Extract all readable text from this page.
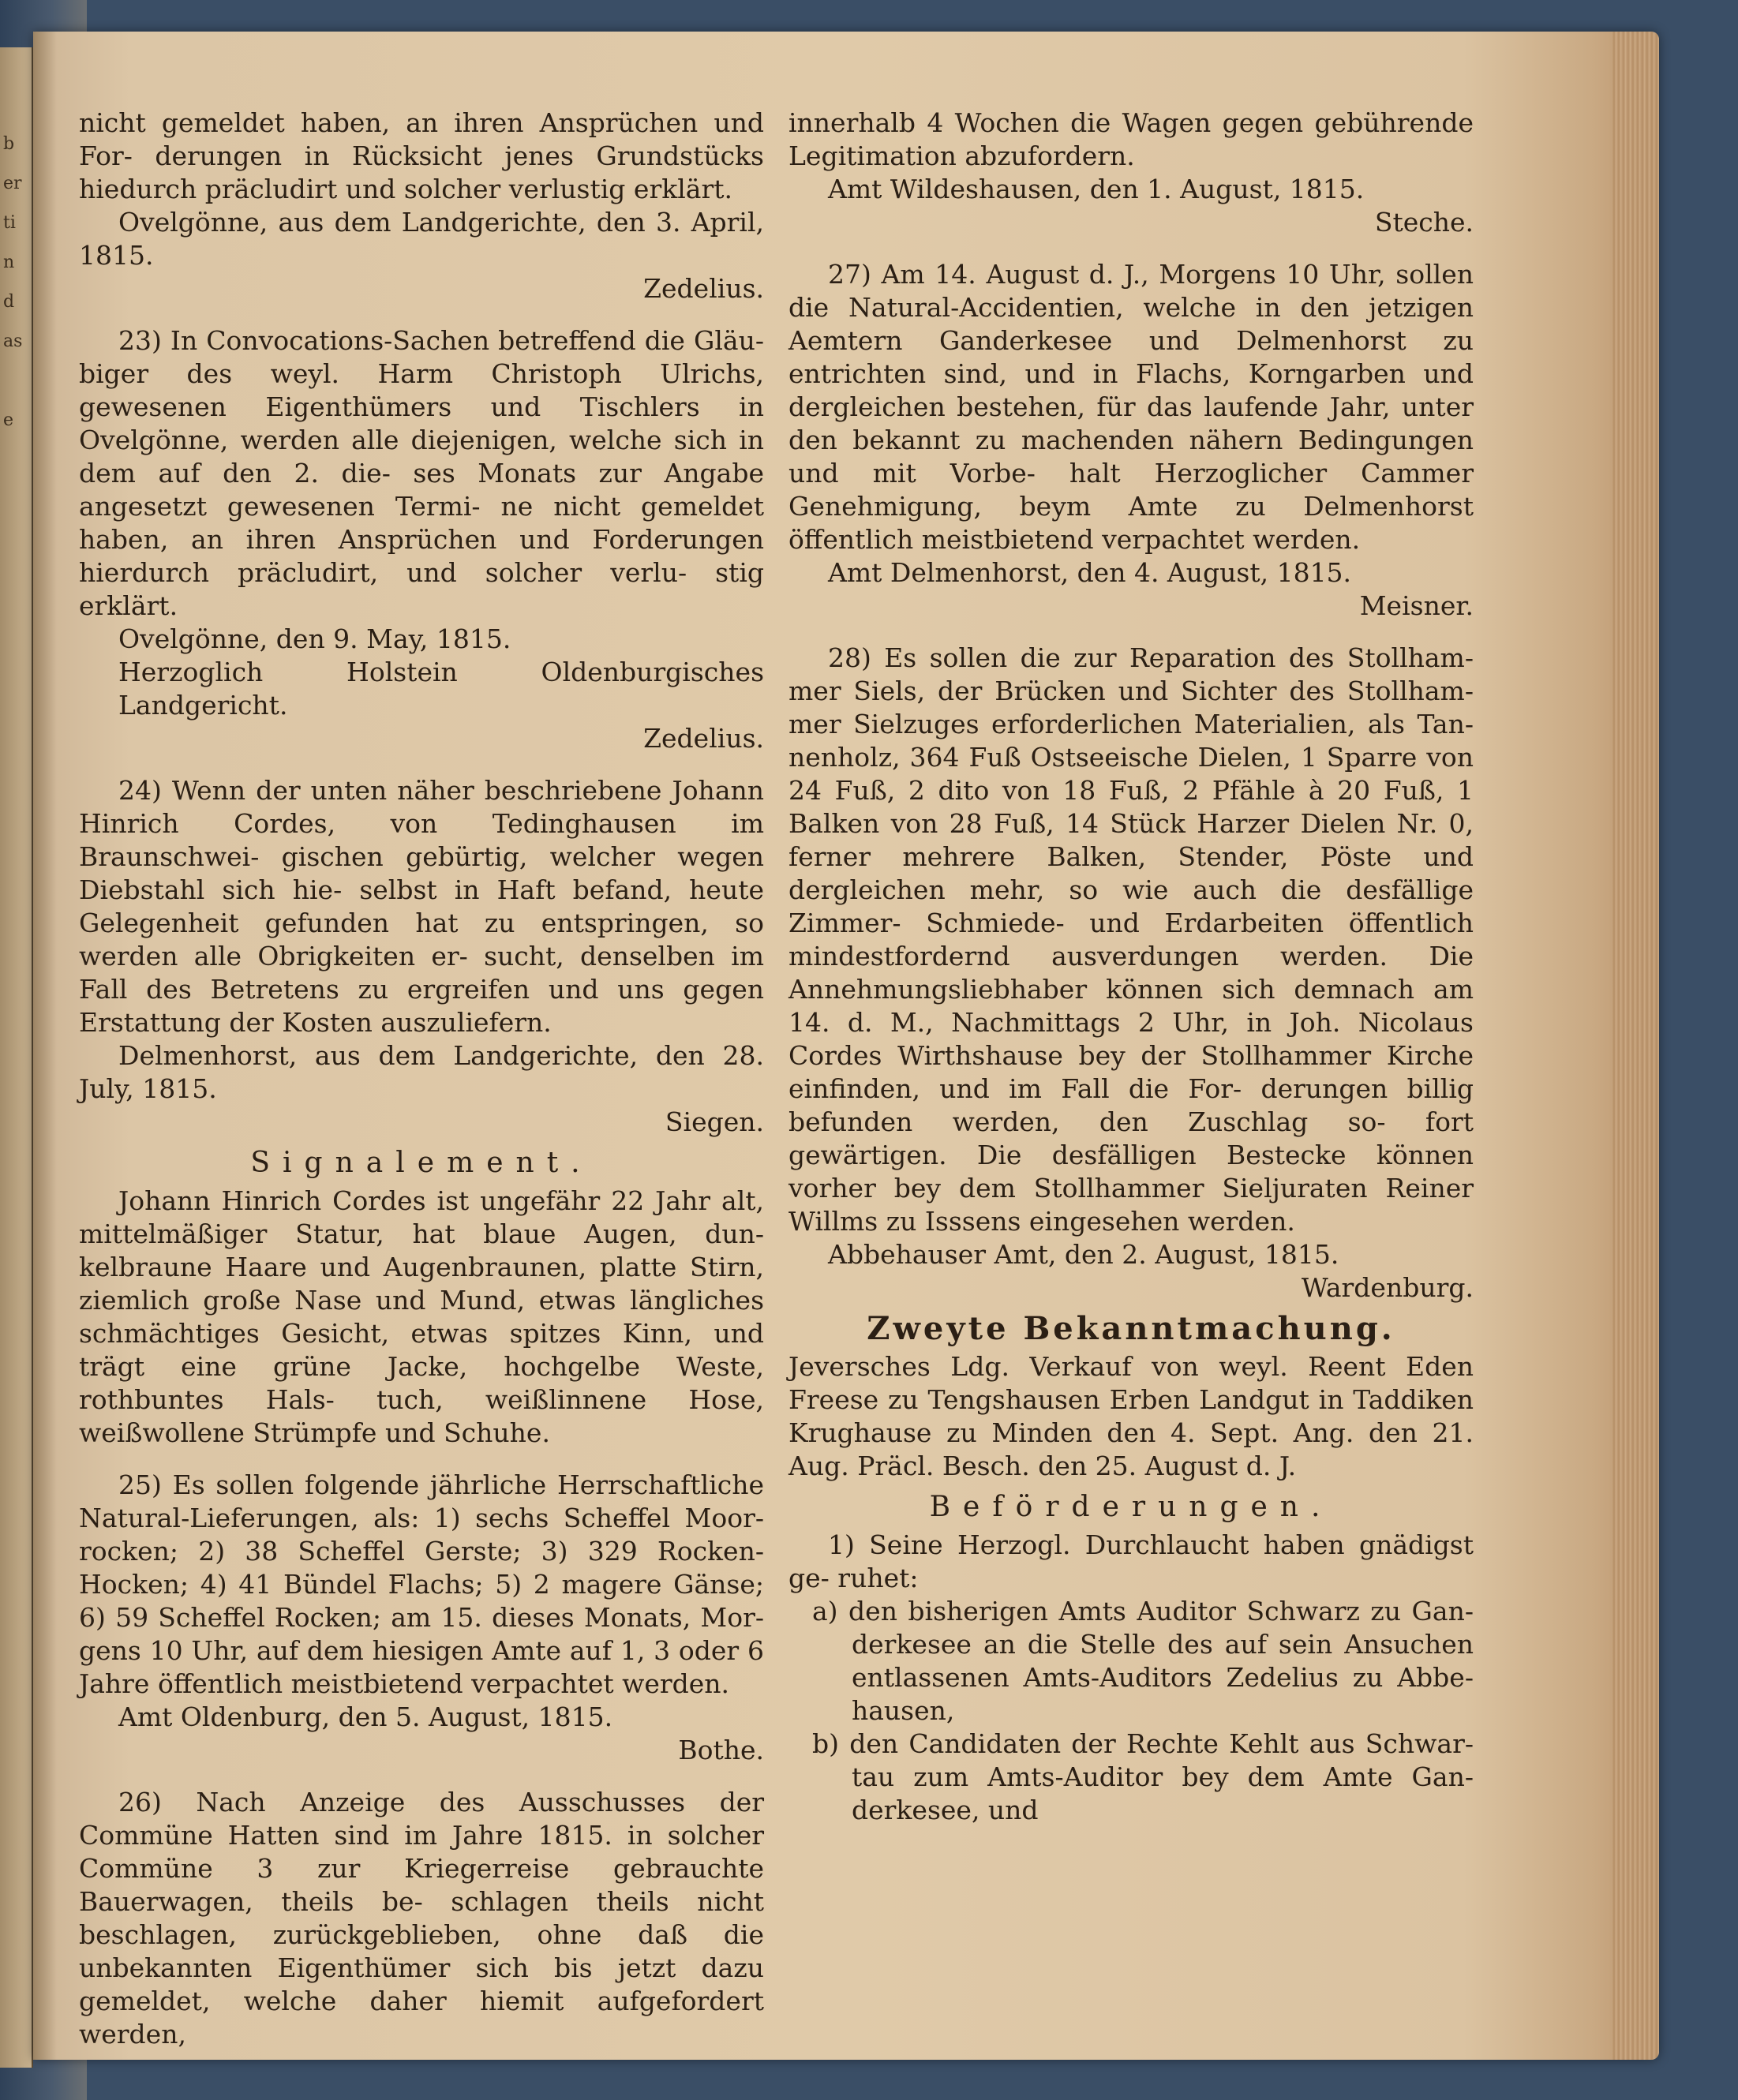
b
er
ti
n
d
as
e

nicht gemeldet haben, an ihren Ansprüchen und For- derungen in Rücksicht jenes Grundstücks hiedurch präcludirt und solcher verlustig erklärt.

Ovelgönne, aus dem Landgerichte, den 3. April, 1815.

Zedelius.

23) In Convocations-Sachen betreffend die Gläu- biger des weyl. Harm Christoph Ulrichs, gewesenen Eigenthümers und Tischlers in Ovelgönne, werden alle diejenigen, welche sich in dem auf den 2. die- ses Monats zur Angabe angesetzt gewesenen Termi- ne nicht gemeldet haben, an ihren Ansprüchen und Forderungen hierdurch präcludirt, und solcher verlu- stig erklärt.

Ovelgönne, den 9. May, 1815.

Herzoglich Holstein Oldenburgisches Landgericht.

Zedelius.

24) Wenn der unten näher beschriebene Johann Hinrich Cordes, von Tedinghausen im Braunschwei- gischen gebürtig, welcher wegen Diebstahl sich hie- selbst in Haft befand, heute Gelegenheit gefunden hat zu entspringen, so werden alle Obrigkeiten er- sucht, denselben im Fall des Betretens zu ergreifen und uns gegen Erstattung der Kosten auszuliefern.

Delmenhorst, aus dem Landgerichte, den 28. July, 1815.

Siegen.

Signalement.

Johann Hinrich Cordes ist ungefähr 22 Jahr alt, mittelmäßiger Statur, hat blaue Augen, dun- kelbraune Haare und Augenbraunen, platte Stirn, ziemlich große Nase und Mund, etwas längliches schmächtiges Gesicht, etwas spitzes Kinn, und trägt eine grüne Jacke, hochgelbe Weste, rothbuntes Hals- tuch, weißlinnene Hose, weißwollene Strümpfe und Schuhe.

25) Es sollen folgende jährliche Herrschaftliche Natural-Lieferungen, als: 1) sechs Scheffel Moor- rocken; 2) 38 Scheffel Gerste; 3) 329 Rocken-Hocken; 4) 41 Bündel Flachs; 5) 2 magere Gänse; 6) 59 Scheffel Rocken; am 15. dieses Monats, Mor- gens 10 Uhr, auf dem hiesigen Amte auf 1, 3 oder 6 Jahre öffentlich meistbietend verpachtet werden.

Amt Oldenburg, den 5. August, 1815.

Bothe.

26) Nach Anzeige des Ausschusses der Commüne Hatten sind im Jahre 1815. in solcher Commüne 3 zur Kriegerreise gebrauchte Bauerwagen, theils be- schlagen theils nicht beschlagen, zurückgeblieben, ohne daß die unbekannten Eigenthümer sich bis jetzt dazu gemeldet, welche daher hiemit aufgefordert werden,

innerhalb 4 Wochen die Wagen gegen gebührende Legitimation abzufordern.

Amt Wildeshausen, den 1. August, 1815.

Steche.

27) Am 14. August d. J., Morgens 10 Uhr, sollen die Natural-Accidentien, welche in den jetzigen Aemtern Ganderkesee und Delmenhorst zu entrichten sind, und in Flachs, Korngarben und dergleichen bestehen, für das laufende Jahr, unter den bekannt zu machenden nähern Bedingungen und mit Vorbe- halt Herzoglicher Cammer Genehmigung, beym Amte zu Delmenhorst öffentlich meistbietend verpachtet werden.

Amt Delmenhorst, den 4. August, 1815.

Meisner.

28) Es sollen die zur Reparation des Stollham- mer Siels, der Brücken und Sichter des Stollham- mer Sielzuges erforderlichen Materialien, als Tan- nenholz, 364 Fuß Ostseeische Dielen, 1 Sparre von 24 Fuß, 2 dito von 18 Fuß, 2 Pfähle à 20 Fuß, 1 Balken von 28 Fuß, 14 Stück Harzer Dielen Nr. 0, ferner mehrere Balken, Stender, Pöste und dergleichen mehr, so wie auch die desfällige Zimmer- Schmiede- und Erdarbeiten öffentlich mindestfordernd ausverdungen werden. Die Annehmungsliebhaber können sich demnach am 14. d. M., Nachmittags 2 Uhr, in Joh. Nicolaus Cordes Wirthshause bey der Stollhammer Kirche einfinden, und im Fall die For- derungen billig befunden werden, den Zuschlag so- fort gewärtigen. Die desfälligen Bestecke können vorher bey dem Stollhammer Sieljuraten Reiner Willms zu Isssens eingesehen werden.

Abbehauser Amt, den 2. August, 1815.

Wardenburg.

Zweyte Bekanntmachung.

Jeversches Ldg. Verkauf von weyl. Reent Eden Freese zu Tengshausen Erben Landgut in Taddiken Krughause zu Minden den 4. Sept. Ang. den 21. Aug. Präcl. Besch. den 25. August d. J.

Beförderungen.

1) Seine Herzogl. Durchlaucht haben gnädigst ge- ruhet:

a) den bisherigen Amts Auditor Schwarz zu Gan- derkesee an die Stelle des auf sein Ansuchen entlassenen Amts-Auditors Zedelius zu Abbe- hausen,

b) den Candidaten der Rechte Kehlt aus Schwar- tau zum Amts-Auditor bey dem Amte Gan- derkesee, und
